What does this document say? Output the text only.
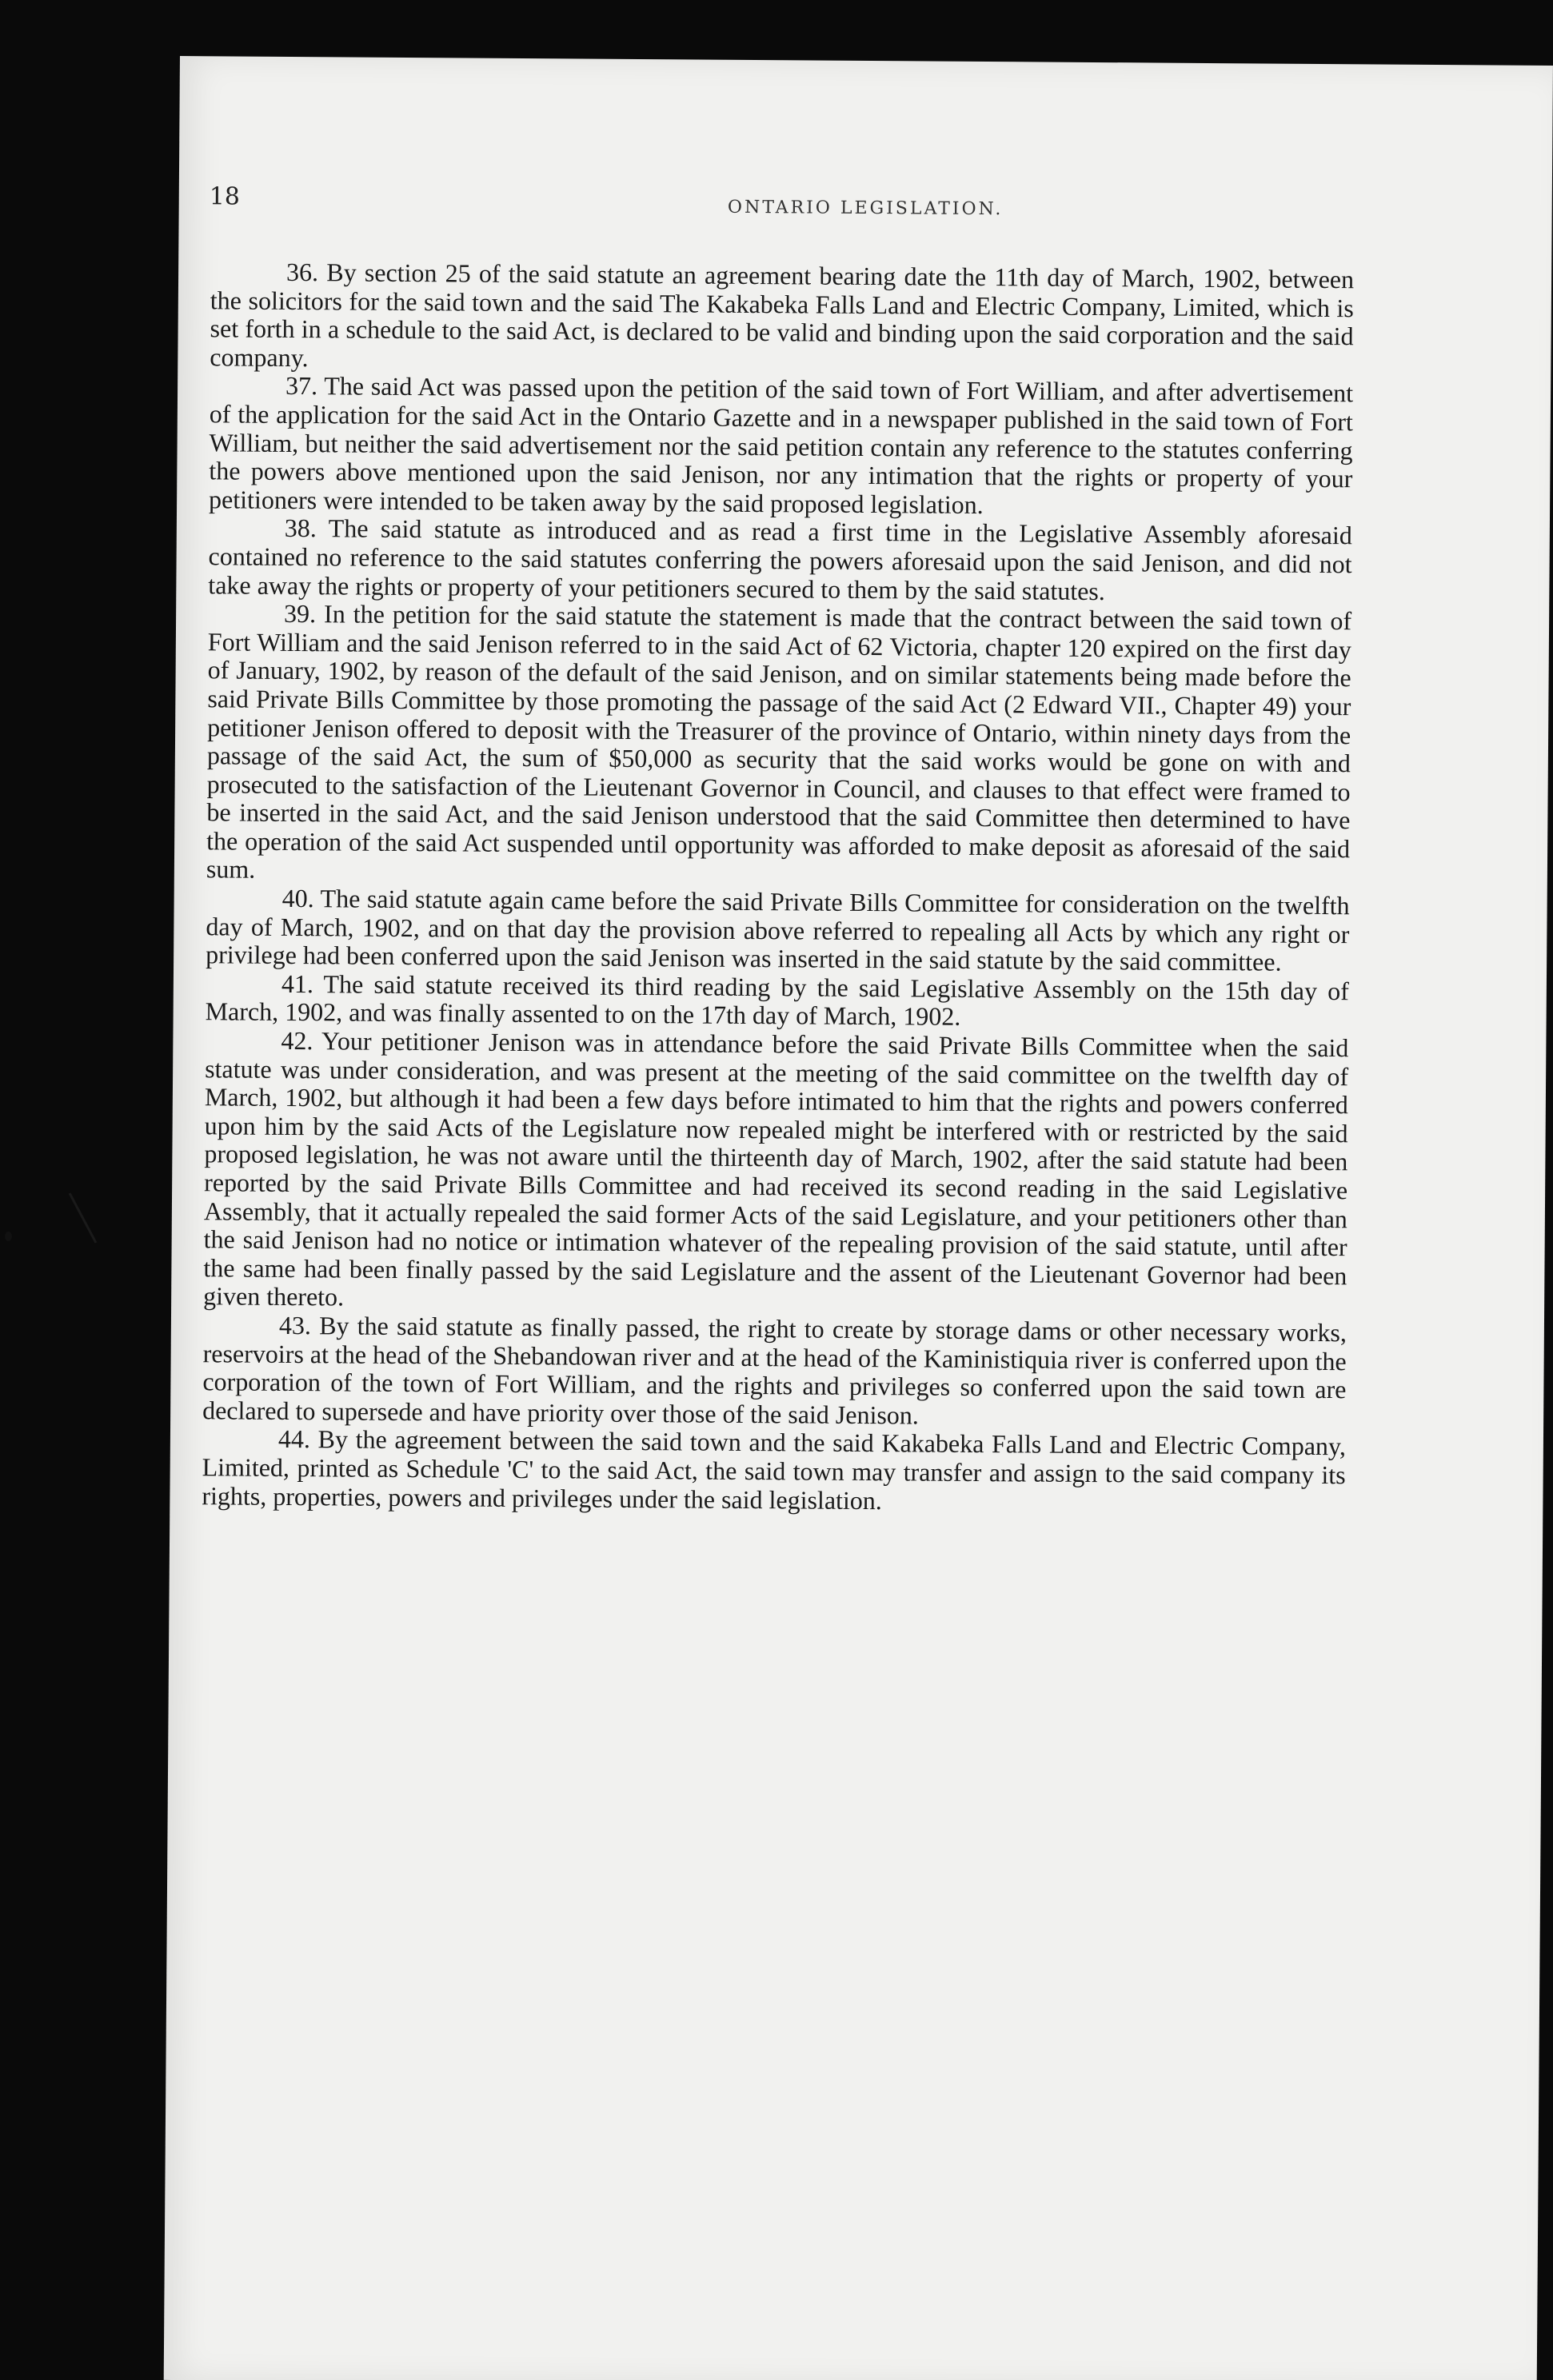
18	ONTARIO LEGISLATION.

36. By section 25 of the said statute an agreement bearing date the 11th day of March, 1902, between the solicitors for the said town and the said The Kakabeka Falls Land and Electric Company, Limited, which is set forth in a schedule to the said Act, is declared to be valid and binding upon the said corporation and the said company.

37. The said Act was passed upon the petition of the said town of Fort William, and after advertisement of the application for the said Act in the Ontario Gazette and in a newspaper published in the said town of Fort William, but neither the said advertisement nor the said petition contain any reference to the statutes conferring the powers above mentioned upon the said Jenison, nor any intimation that the rights or property of your petitioners were intended to be taken away by the said proposed legislation.

38. The said statute as introduced and as read a first time in the Legislative Assembly aforesaid contained no reference to the said statutes conferring the powers aforesaid upon the said Jenison, and did not take away the rights or property of your petitioners secured to them by the said statutes.

39. In the petition for the said statute the statement is made that the contract between the said town of Fort William and the said Jenison referred to in the said Act of 62 Victoria, chapter 120 expired on the first day of January, 1902, by reason of the default of the said Jenison, and on similar statements being made before the said Private Bills Committee by those promoting the passage of the said Act (2 Edward VII., Chapter 49) your petitioner Jenison offered to deposit with the Treasurer of the province of Ontario, within ninety days from the passage of the said Act, the sum of $50,000 as security that the said works would be gone on with and prosecuted to the satisfaction of the Lieutenant Governor in Council, and clauses to that effect were framed to be inserted in the said Act, and the said Jenison understood that the said Committee then determined to have the operation of the said Act suspended until opportunity was afforded to make deposit as aforesaid of the said sum.

40. The said statute again came before the said Private Bills Committee for consideration on the twelfth day of March, 1902, and on that day the provision above referred to repealing all Acts by which any right or privilege had been conferred upon the said Jenison was inserted in the said statute by the said committee.

41. The said statute received its third reading by the said Legislative Assembly on the 15th day of March, 1902, and was finally assented to on the 17th day of March, 1902.

42. Your petitioner Jenison was in attendance before the said Private Bills Committee when the said statute was under consideration, and was present at the meeting of the said committee on the twelfth day of March, 1902, but although it had been a few days before intimated to him that the rights and powers conferred upon him by the said Acts of the Legislature now repealed might be interfered with or restricted by the said proposed legislation, he was not aware until the thirteenth day of March, 1902, after the said statute had been reported by the said Private Bills Committee and had received its second reading in the said Legislative Assembly, that it actually repealed the said former Acts of the said Legislature, and your petitioners other than the said Jenison had no notice or intimation whatever of the repealing provision of the said statute, until after the same had been finally passed by the said Legislature and the assent of the Lieutenant Governor had been given thereto.

43. By the said statute as finally passed, the right to create by storage dams or other necessary works, reservoirs at the head of the Shebandowan river and at the head of the Kaministiquia river is conferred upon the corporation of the town of Fort William, and the rights and privileges so conferred upon the said town are declared to supersede and have priority over those of the said Jenison.

44. By the agreement between the said town and the said Kakabeka Falls Land and Electric Company, Limited, printed as Schedule 'C' to the said Act, the said town may transfer and assign to the said company its rights, properties, powers and privileges under the said legislation.
